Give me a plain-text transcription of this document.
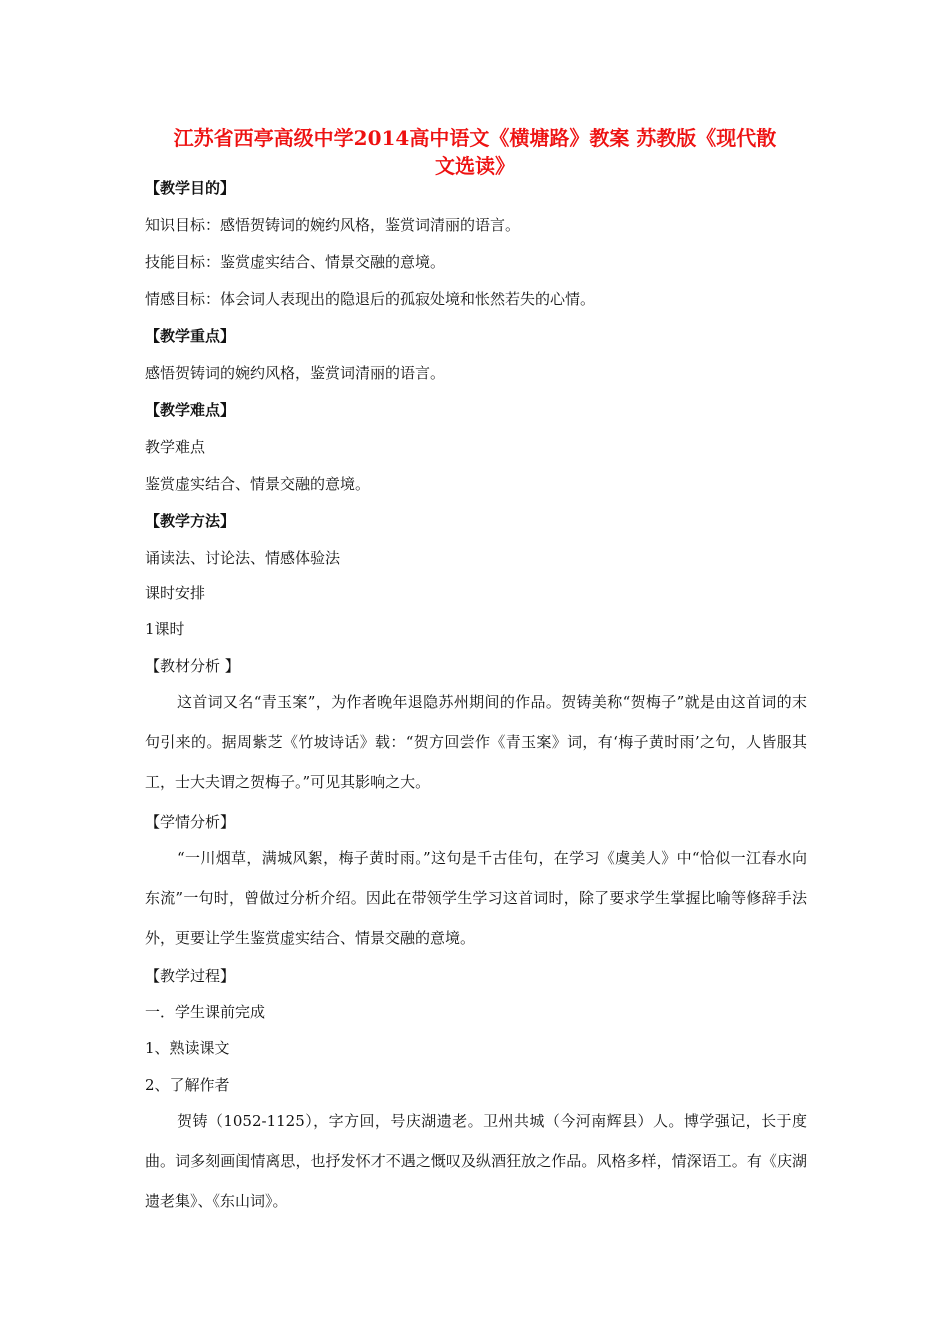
江苏省西亭高级中学2014高中语文《横塘路》教案 苏教版《现代散
文选读》
【教学目的】
知识目标：感悟贺铸词的婉约风格，鉴赏词清丽的语言。
技能目标：鉴赏虚实结合、情景交融的意境。
情感目标：体会词人表现出的隐退后的孤寂处境和怅然若失的心情。
【教学重点】
感悟贺铸词的婉约风格，鉴赏词清丽的语言。
【教学难点】
教学难点
鉴赏虚实结合、情景交融的意境。
【教学方法】
诵读法、讨论法、情感体验法
课时安排
1课时
【教材分析 】
这首词又名“青玉案”，为作者晚年退隐苏州期间的作品。贺铸美称“贺梅子”就是由这首词的末句引来的。据周紫芝《竹坡诗话》载：“贺方回尝作《青玉案》词，有‘梅子黄时雨’之句，人皆服其工，士大夫谓之贺梅子。”可见其影响之大。
【学情分析】
“一川烟草，满城风絮，梅子黄时雨。”这句是千古佳句，在学习《虞美人》中“恰似一江春水向东流”一句时，曾做过分析介绍。因此在带领学生学习这首词时，除了要求学生掌握比喻等修辞手法外，更要让学生鉴赏虚实结合、情景交融的意境。
【教学过程】
一．学生课前完成
1、熟读课文
2、了解作者
贺铸（1052-1125），字方回，号庆湖遗老。卫州共城（今河南辉县）人。博学强记，长于度曲。词多刻画闺情离思，也抒发怀才不遇之慨叹及纵酒狂放之作品。风格多样，情深语工。有《庆湖遗老集》、《东山词》。
